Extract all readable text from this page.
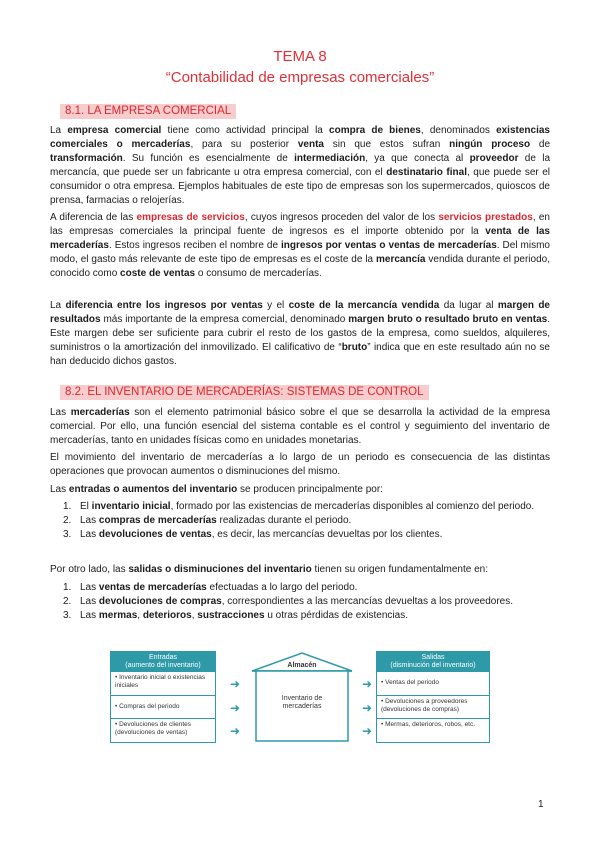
TEMA 8
“Contabilidad de empresas comerciales”
8.1. LA EMPRESA COMERCIAL

La empresa comercial tiene como actividad principal la compra de bienes, denominados existencias comerciales o mercaderías, para su posterior venta sin que estos sufran ningún proceso de transformación. Su función es esencialmente de intermediación, ya que conecta al proveedor de la mercancía, que puede ser un fabricante u otra empresa comercial, con el destinatario final, que puede ser el consumidor o otra empresa. Ejemplos habituales de este tipo de empresas son los supermercados, quioscos de prensa, farmacias o relojerías.

A diferencia de las empresas de servicios, cuyos ingresos proceden del valor de los servicios prestados, en las empresas comerciales la principal fuente de ingresos es el importe obtenido por la venta de las mercaderías. Estos ingresos reciben el nombre de ingresos por ventas o ventas de mercaderías. Del mismo modo, el gasto más relevante de este tipo de empresas es el coste de la mercancía vendida durante el periodo, conocido como coste de ventas o consumo de mercaderías.

La diferencia entre los ingresos por ventas y el coste de la mercancía vendida da lugar al margen de resultados más importante de la empresa comercial, denominado margen bruto o resultado bruto en ventas. Este margen debe ser suficiente para cubrir el resto de los gastos de la empresa, como sueldos, alquileres, suministros o la amortización del inmovilizado. El calificativo de “bruto” indica que en este resultado aún no se han deducido dichos gastos.

8.2. EL INVENTARIO DE MERCADERÍAS: SISTEMAS DE CONTROL

Las mercaderías son el elemento patrimonial básico sobre el que se desarrolla la actividad de la empresa comercial. Por ello, una función esencial del sistema contable es el control y seguimiento del inventario de mercaderías, tanto en unidades físicas como en unidades monetarias.

El movimiento del inventario de mercaderías a lo largo de un periodo es consecuencia de las distintas operaciones que provocan aumentos o disminuciones del mismo.

Las entradas o aumentos del inventario se producen principalmente por:

1. El inventario inicial, formado por las existencias de mercaderías disponibles al comienzo del periodo.
2. Las compras de mercaderías realizadas durante el periodo.
3. Las devoluciones de ventas, es decir, las mercancías devueltas por los clientes.

Por otro lado, las salidas o disminuciones del inventario tienen su origen fundamentalmente en:

1. Las ventas de mercaderías efectuadas a lo largo del periodo.
2. Las devoluciones de compras, correspondientes a las mercancías devueltas a los proveedores.
3. Las mermas, deterioros, sustracciones u otras pérdidas de existencias.
Entradas
(aumento del inventario)
• Inventario inicial o existencias iniciales
• Compras del periodo
• Devoluciones de clientes (devoluciones de ventas)
➜
➜
➜
Almacén
Inventario de mercaderías
➜
➜
➜
Salidas
(disminución del inventario)
• Ventas del periodo
• Devoluciones a proveedores (devoluciones de compras)
• Mermas, deterioros, robos, etc.
1
